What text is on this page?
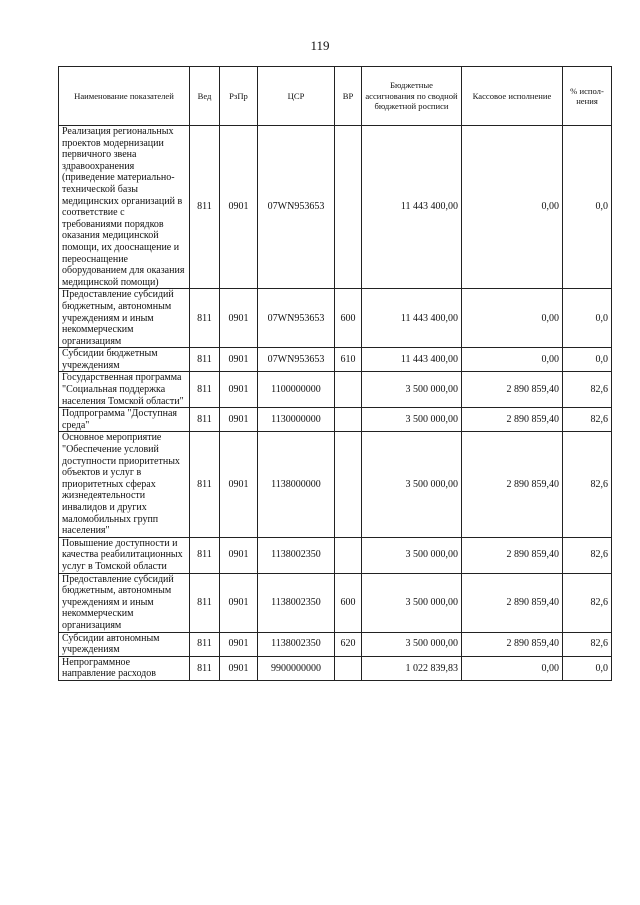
119
Наименование показателей	Вед	РзПр	ЦСР	ВР	Бюджетные ассигнования по сводной бюджетной росписи	Кассовое исполнение	% испол-нения
Реализация региональных проектов модернизации первичного звена здравоохранения (приведение материально-технической базы медицинских организаций в соответствие с требованиями порядков оказания медицинской помощи, их дооснащение и переоснащение оборудованием для оказания медицинской помощи)	811	0901	07WN953653		11 443 400,00	0,00	0,0
Предоставление субсидий бюджетным, автономным учреждениям и иным некоммерческим организациям	811	0901	07WN953653	600	11 443 400,00	0,00	0,0
Субсидии бюджетным учреждениям	811	0901	07WN953653	610	11 443 400,00	0,00	0,0
Государственная программа "Социальная поддержка населения Томской области"	811	0901	1100000000		3 500 000,00	2 890 859,40	82,6
Подпрограмма "Доступная среда"	811	0901	1130000000		3 500 000,00	2 890 859,40	82,6
Основное мероприятие "Обеспечение условий доступности приоритетных объектов и услуг в приоритетных сферах жизнедеятельности инвалидов и других маломобильных групп населения"	811	0901	1138000000		3 500 000,00	2 890 859,40	82,6
Повышение доступности и качества реабилитационных услуг в Томской области	811	0901	1138002350		3 500 000,00	2 890 859,40	82,6
Предоставление субсидий бюджетным, автономным учреждениям и иным некоммерческим организациям	811	0901	1138002350	600	3 500 000,00	2 890 859,40	82,6
Субсидии автономным учреждениям	811	0901	1138002350	620	3 500 000,00	2 890 859,40	82,6
Непрограммное направление расходов	811	0901	9900000000		1 022 839,83	0,00	0,0
